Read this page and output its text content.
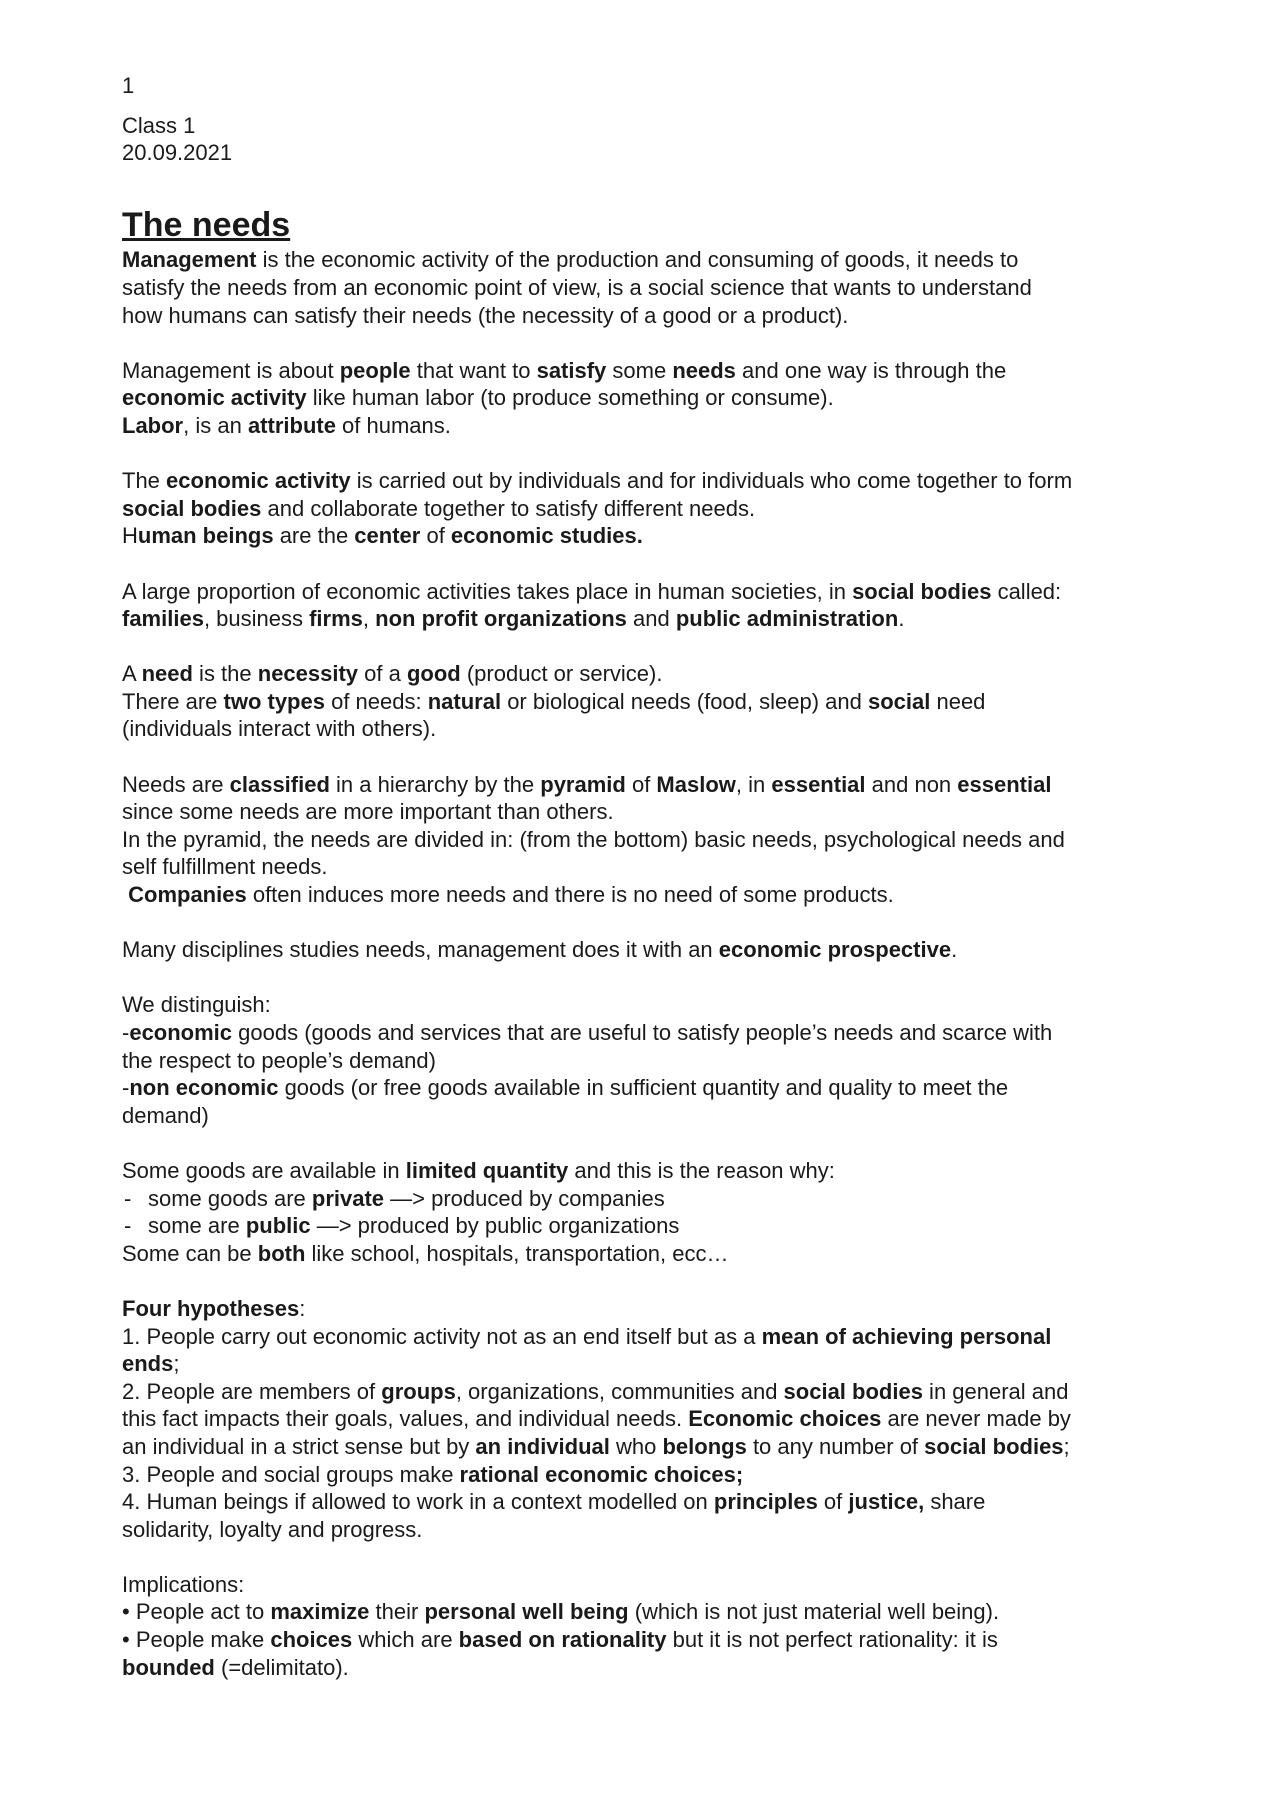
1
Class 1
20.09.2021
The needs
Management is the economic activity of the production and consuming of goods, it needs to
satisfy the needs from an economic point of view, is a social science that wants to understand
how humans can satisfy their needs (the necessity of a good or a product).
Management is about people that want to satisfy some needs and one way is through the
economic activity like human labor (to produce something or consume).
Labor, is an attribute of humans.
The economic activity is carried out by individuals and for individuals who come together to form
social bodies and collaborate together to satisfy different needs.
Human beings are the center of economic studies.
A large proportion of economic activities takes place in human societies, in social bodies called:
families, business firms, non profit organizations and public administration.
A need is the necessity of a good (product or service).
There are two types of needs: natural or biological needs (food, sleep) and social need
(individuals interact with others).
Needs are classified in a hierarchy by the pyramid of Maslow, in essential and non essential
since some needs are more important than others.
In the pyramid, the needs are divided in: (from the bottom) basic needs, psychological needs and
self fulfillment needs.
Companies often induces more needs and there is no need of some products.
Many disciplines studies needs, management does it with an economic prospective.
We distinguish:
-economic goods (goods and services that are useful to satisfy people’s needs and scarce with
the respect to people’s demand)
-non economic goods (or free goods available in sufficient quantity and quality to meet the
demand)
Some goods are available in limited quantity and this is the reason why:
- some goods are private —> produced by companies
- some are public —> produced by public organizations
Some can be both like school, hospitals, transportation, ecc…
Four hypotheses:
1. People carry out economic activity not as an end itself but as a mean of achieving personal
ends;
2. People are members of groups, organizations, communities and social bodies in general and
this fact impacts their goals, values, and individual needs. Economic choices are never made by
an individual in a strict sense but by an individual who belongs to any number of social bodies;
3. People and social groups make rational economic choices;
4. Human beings if allowed to work in a context modelled on principles of justice, share
solidarity, loyalty and progress.
Implications:
• People act to maximize their personal well being (which is not just material well being).
• People make choices which are based on rationality but it is not perfect rationality: it is
bounded (=delimitato).
